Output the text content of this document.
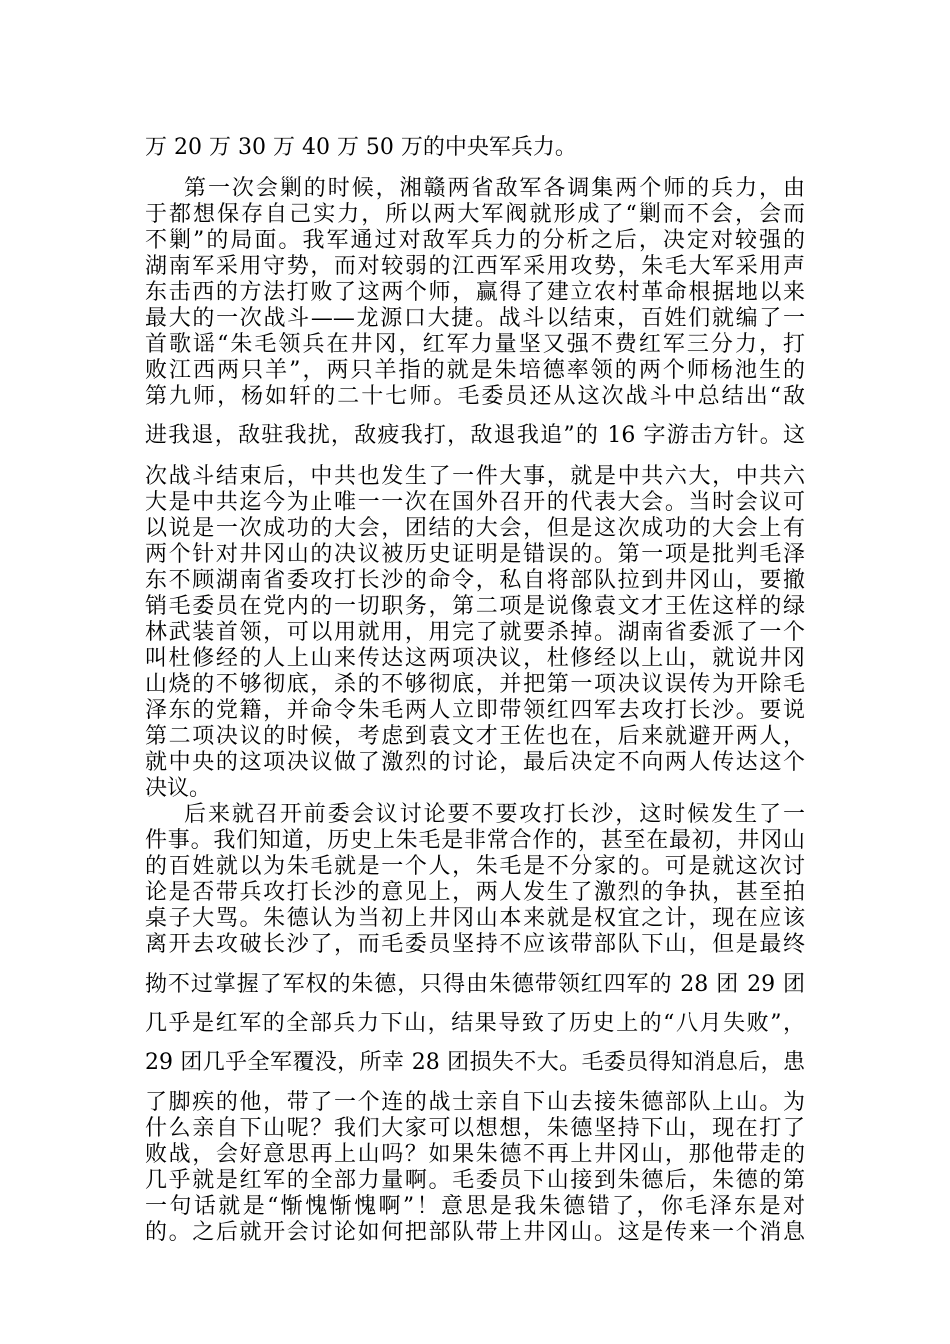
万 20 万 30 万 40 万 50 万的中央军兵力。
第一次会剿的时候，湘赣两省敌军各调集两个师的兵力，由
于都想保存自己实力，所以两大军阀就形成了“剿而不会，会而
不剿”的局面。我军通过对敌军兵力的分析之后，决定对较强的
湖南军采用守势，而对较弱的江西军采用攻势，朱毛大军采用声
东击西的方法打败了这两个师，赢得了建立农村革命根据地以来
最大的一次战斗——龙源口大捷。战斗以结束，百姓们就编了一
首歌谣“朱毛领兵在井冈，红军力量坚又强不费红军三分力，打
败江西两只羊”，两只羊指的就是朱培德率领的两个师杨池生的
第九师，杨如轩的二十七师。毛委员还从这次战斗中总结出“敌
进我退，敌驻我扰，敌疲我打，敌退我追”的 16 字游击方针。这
次战斗结束后，中共也发生了一件大事，就是中共六大，中共六
大是中共迄今为止唯一一次在国外召开的代表大会。当时会议可
以说是一次成功的大会，团结的大会，但是这次成功的大会上有
两个针对井冈山的决议被历史证明是错误的。第一项是批判毛泽
东不顾湖南省委攻打长沙的命令，私自将部队拉到井冈山，要撤
销毛委员在党内的一切职务，第二项是说像袁文才王佐这样的绿
林武装首领，可以用就用，用完了就要杀掉。湖南省委派了一个
叫杜修经的人上山来传达这两项决议，杜修经以上山，就说井冈
山烧的不够彻底，杀的不够彻底，并把第一项决议误传为开除毛
泽东的党籍，并命令朱毛两人立即带领红四军去攻打长沙。要说
第二项决议的时候，考虑到袁文才王佐也在，后来就避开两人，
就中央的这项决议做了激烈的讨论，最后决定不向两人传达这个
决议。
后来就召开前委会议讨论要不要攻打长沙，这时候发生了一
件事。我们知道，历史上朱毛是非常合作的，甚至在最初，井冈山
的百姓就以为朱毛就是一个人，朱毛是不分家的。可是就这次讨
论是否带兵攻打长沙的意见上，两人发生了激烈的争执，甚至拍
桌子大骂。朱德认为当初上井冈山本来就是权宜之计，现在应该
离开去攻破长沙了，而毛委员坚持不应该带部队下山，但是最终
拗不过掌握了军权的朱德，只得由朱德带领红四军的 28 团 29 团
几乎是红军的全部兵力下山，结果导致了历史上的“八月失败”，
29 团几乎全军覆没，所幸 28 团损失不大。毛委员得知消息后，患
了脚疾的他，带了一个连的战士亲自下山去接朱德部队上山。为
什么亲自下山呢？我们大家可以想想，朱德坚持下山，现在打了
败战，会好意思再上山吗？如果朱德不再上井冈山，那他带走的
几乎就是红军的全部力量啊。毛委员下山接到朱德后，朱德的第
一句话就是“惭愧惭愧啊”！意思是我朱德错了，你毛泽东是对
的。之后就开会讨论如何把部队带上井冈山。这是传来一个消息
